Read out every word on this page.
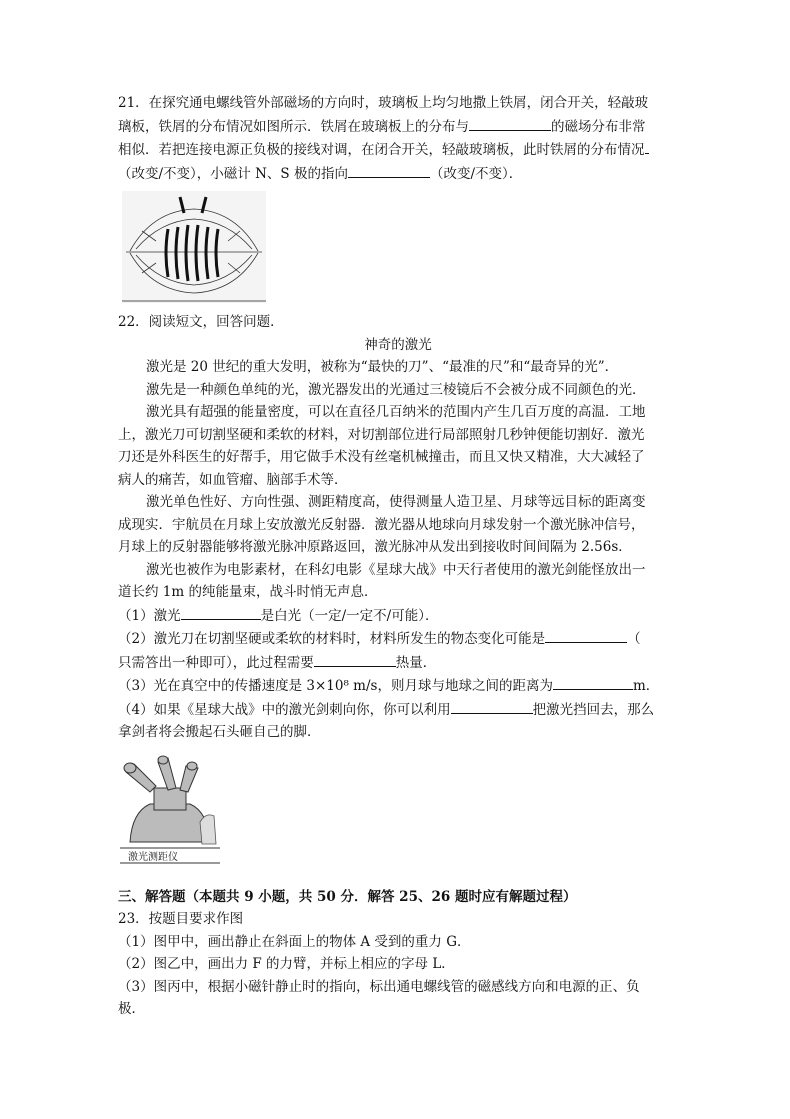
21．在探究通电螺线管外部磁场的方向时，玻璃板上均匀地撒上铁屑，闭合开关，轻敲玻

璃板，铁屑的分布情况如图所示．铁屑在玻璃板上的分布与	的磁场分布非常

相似．若把连接电源正负极的接线对调，在闭合开关，轻敲玻璃板，此时铁屑的分布情况

（改变/不变），小磁计 N、S 极的指向	（改变/不变）．

22．阅读短文，回答问题．

神奇的激光

激光是 20 世纪的重大发明，被称为“最快的刀”、“最准的尺”和“最奇异的光”．

激先是一种颜色单纯的光，激光器发出的光通过三棱镜后不会被分成不同颜色的光．

激光具有超强的能量密度，可以在直径几百纳米的范围内产生几百万度的高温．工地

上，激光刀可切割坚硬和柔软的材料，对切割部位进行局部照射几秒钟便能切割好．激光

刀还是外科医生的好帮手，用它做手术没有丝毫机械撞击，而且又快又精准，大大减轻了

病人的痛苦，如血管瘤、脑部手术等．

激光单色性好、方向性强、测距精度高，使得测量人造卫星、月球等远目标的距离变

成现实．宇航员在月球上安放激光反射器．激光器从地球向月球发射一个激光脉冲信号，

月球上的反射器能够将激光脉冲原路返回，激光脉冲从发出到接收时间间隔为 2.56s．

激光也被作为电影素材，在科幻电影《星球大战》中天行者使用的激光剑能怪放出一

道长约 1m 的纯能量束，战斗时悄无声息．

（1）激光	是白光（一定/一定不/可能）．

（2）激光刀在切割坚硬或柔软的材料时，材料所发生的物态变化可能是	（

只需答出一种即可），此过程需要	热量．

（3）光在真空中的传播速度是 3×10⁸ m/s，则月球与地球之间的距离为	m．

（4）如果《星球大战》中的激光剑刺向你，你可以利用	把激光挡回去，那么

拿剑者将会搬起石头砸自己的脚．

激光测距仪

三、解答题（本题共 9 小题，共 50 分．解答 25、26 题时应有解题过程）

23．按题目要求作图

（1）图甲中，画出静止在斜面上的物体 A 受到的重力 G．

（2）图乙中，画出力 F 的力臂，并标上相应的字母 L．

（3）图丙中，根据小磁针静止时的指向，标出通电螺线管的磁感线方向和电源的正、负

极．
